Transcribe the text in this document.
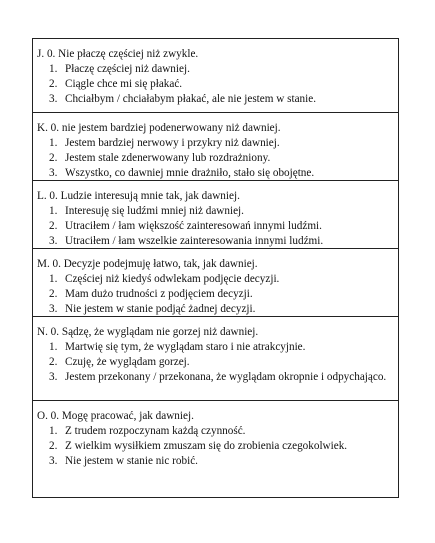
J. 0. Nie płaczę częściej niż zwykle.
1. Płaczę częściej niż dawniej.
2. Ciągle chce mi się płakać.
3. Chciałbym / chciałabym płakać, ale nie jestem w stanie.
K. 0. nie jestem bardziej podenerwowany niż dawniej.
1. Jestem bardziej nerwowy i przykry niż dawniej.
2. Jestem stale zdenerwowany lub rozdrażniony.
3. Wszystko, co dawniej mnie drażniło, stało się obojętne.
L. 0. Ludzie interesują mnie tak, jak dawniej.
1. Interesuję się ludźmi mniej niż dawniej.
2. Utraciłem / łam większość zainteresowań innymi ludźmi.
3. Utraciłem / łam wszelkie zainteresowania innymi ludźmi.
M. 0. Decyzje podejmuję łatwo, tak, jak dawniej.
1. Częściej niż kiedyś odwlekam podjęcie decyzji.
2. Mam dużo trudności z podjęciem decyzji.
3. Nie jestem w stanie podjąć żadnej decyzji.
N. 0. Sądzę, że wyglądam nie gorzej niż dawniej.
1. Martwię się tym, że wyglądam staro i nie atrakcyjnie.
2. Czuję, że wyglądam gorzej.
3. Jestem przekonany / przekonana, że wyglądam okropnie i odpychająco.
O. 0. Mogę pracować, jak dawniej.
1. Z trudem rozpoczynam każdą czynność.
2. Z wielkim wysiłkiem zmuszam się do zrobienia czegokolwiek.
3. Nie jestem w stanie nic robić.
